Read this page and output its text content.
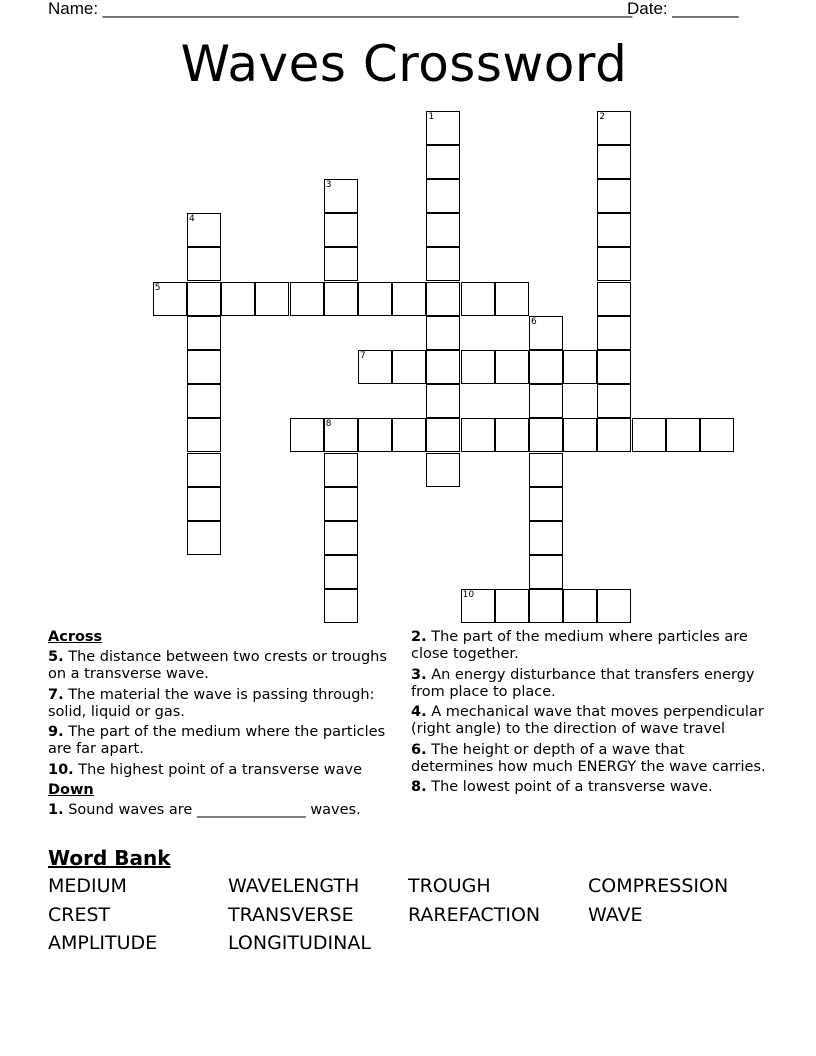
Name: ________________________________________________________
Date: _______
Waves Crossword
8
1	2
3
4
5
6
7
10
Across
5. The distance between two crests or troughs on a transverse wave.
7. The material the wave is passing through: solid, liquid or gas.
9. The part of the medium where the particles are far apart.
10. The highest point of a transverse wave
Down
1. Sound waves are _______________ waves.
2. The part of the medium where particles are close together.
3. An energy disturbance that transfers energy from place to place.
4. A mechanical wave that moves perpendicular (right angle) to the direction of wave travel
6. The height or depth of a wave that determines how much ENERGY the wave carries.
8. The lowest point of a transverse wave.
Word Bank
MEDIUM	WAVELENGTH	TROUGH	COMPRESSION
CREST	TRANSVERSE	RAREFACTION	WAVE
AMPLITUDE	LONGITUDINAL
